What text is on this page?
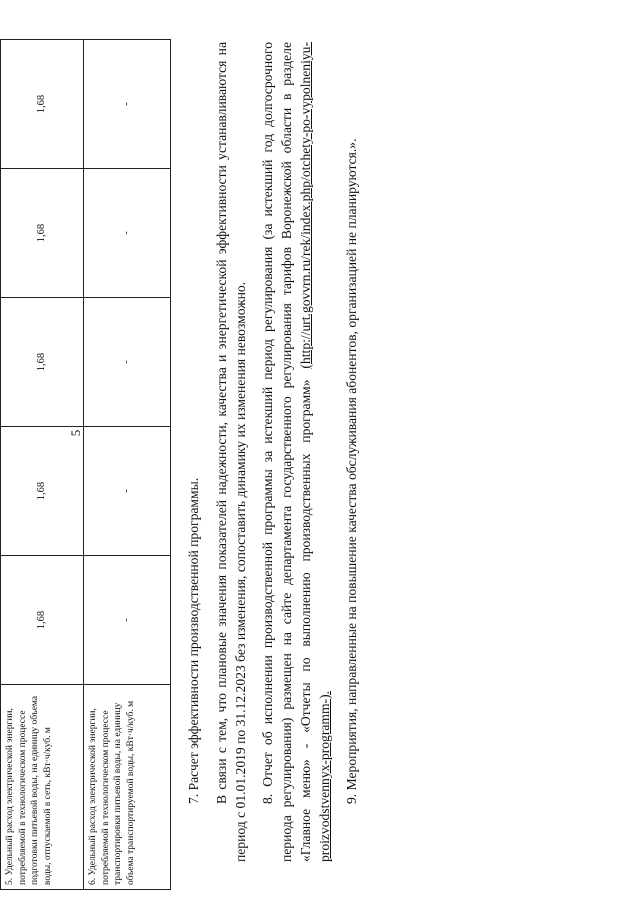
5
5. Удельный расход электрической энергии, потребляемой в технологическом процессе подготовки питьевой воды, на единицу объема воды, отпускаемой в сеть, кВт·ч/куб. м	1,68	1,68	1,68	1,68	1,68
6. Удельный расход электрической энергии, потребляемой в технологическом процессе транспортировки питьевой воды, на единицу объема транспортируемой воды, кВт·ч/куб. м	-	-	-	-	-

7. Расчет эффективности производственной программы. В связи с тем, что плановые значения показателей надежности, качества и энергетической эффективности устанавливаются на период с 01.01.2019 по 31.12.2023 без изменения, сопоставить динамику их изменения невозможно. 8. Отчет об исполнении производственной программы за истекший период регулирования (за истекший год долгосрочного периода регулирования) размещен на сайте департамента государственного регулирования тарифов Воронежской области в разделе «Главное меню» - «Отчеты по выполнению производственных программ» (http://urt.govvrn.ru/rek/index.php/otchety-po-vypolneniyu-proizvodstvennyx-programm-). 9. Мероприятия, направленные на повышение качества обслуживания абонентов, организацией не планируются.».
